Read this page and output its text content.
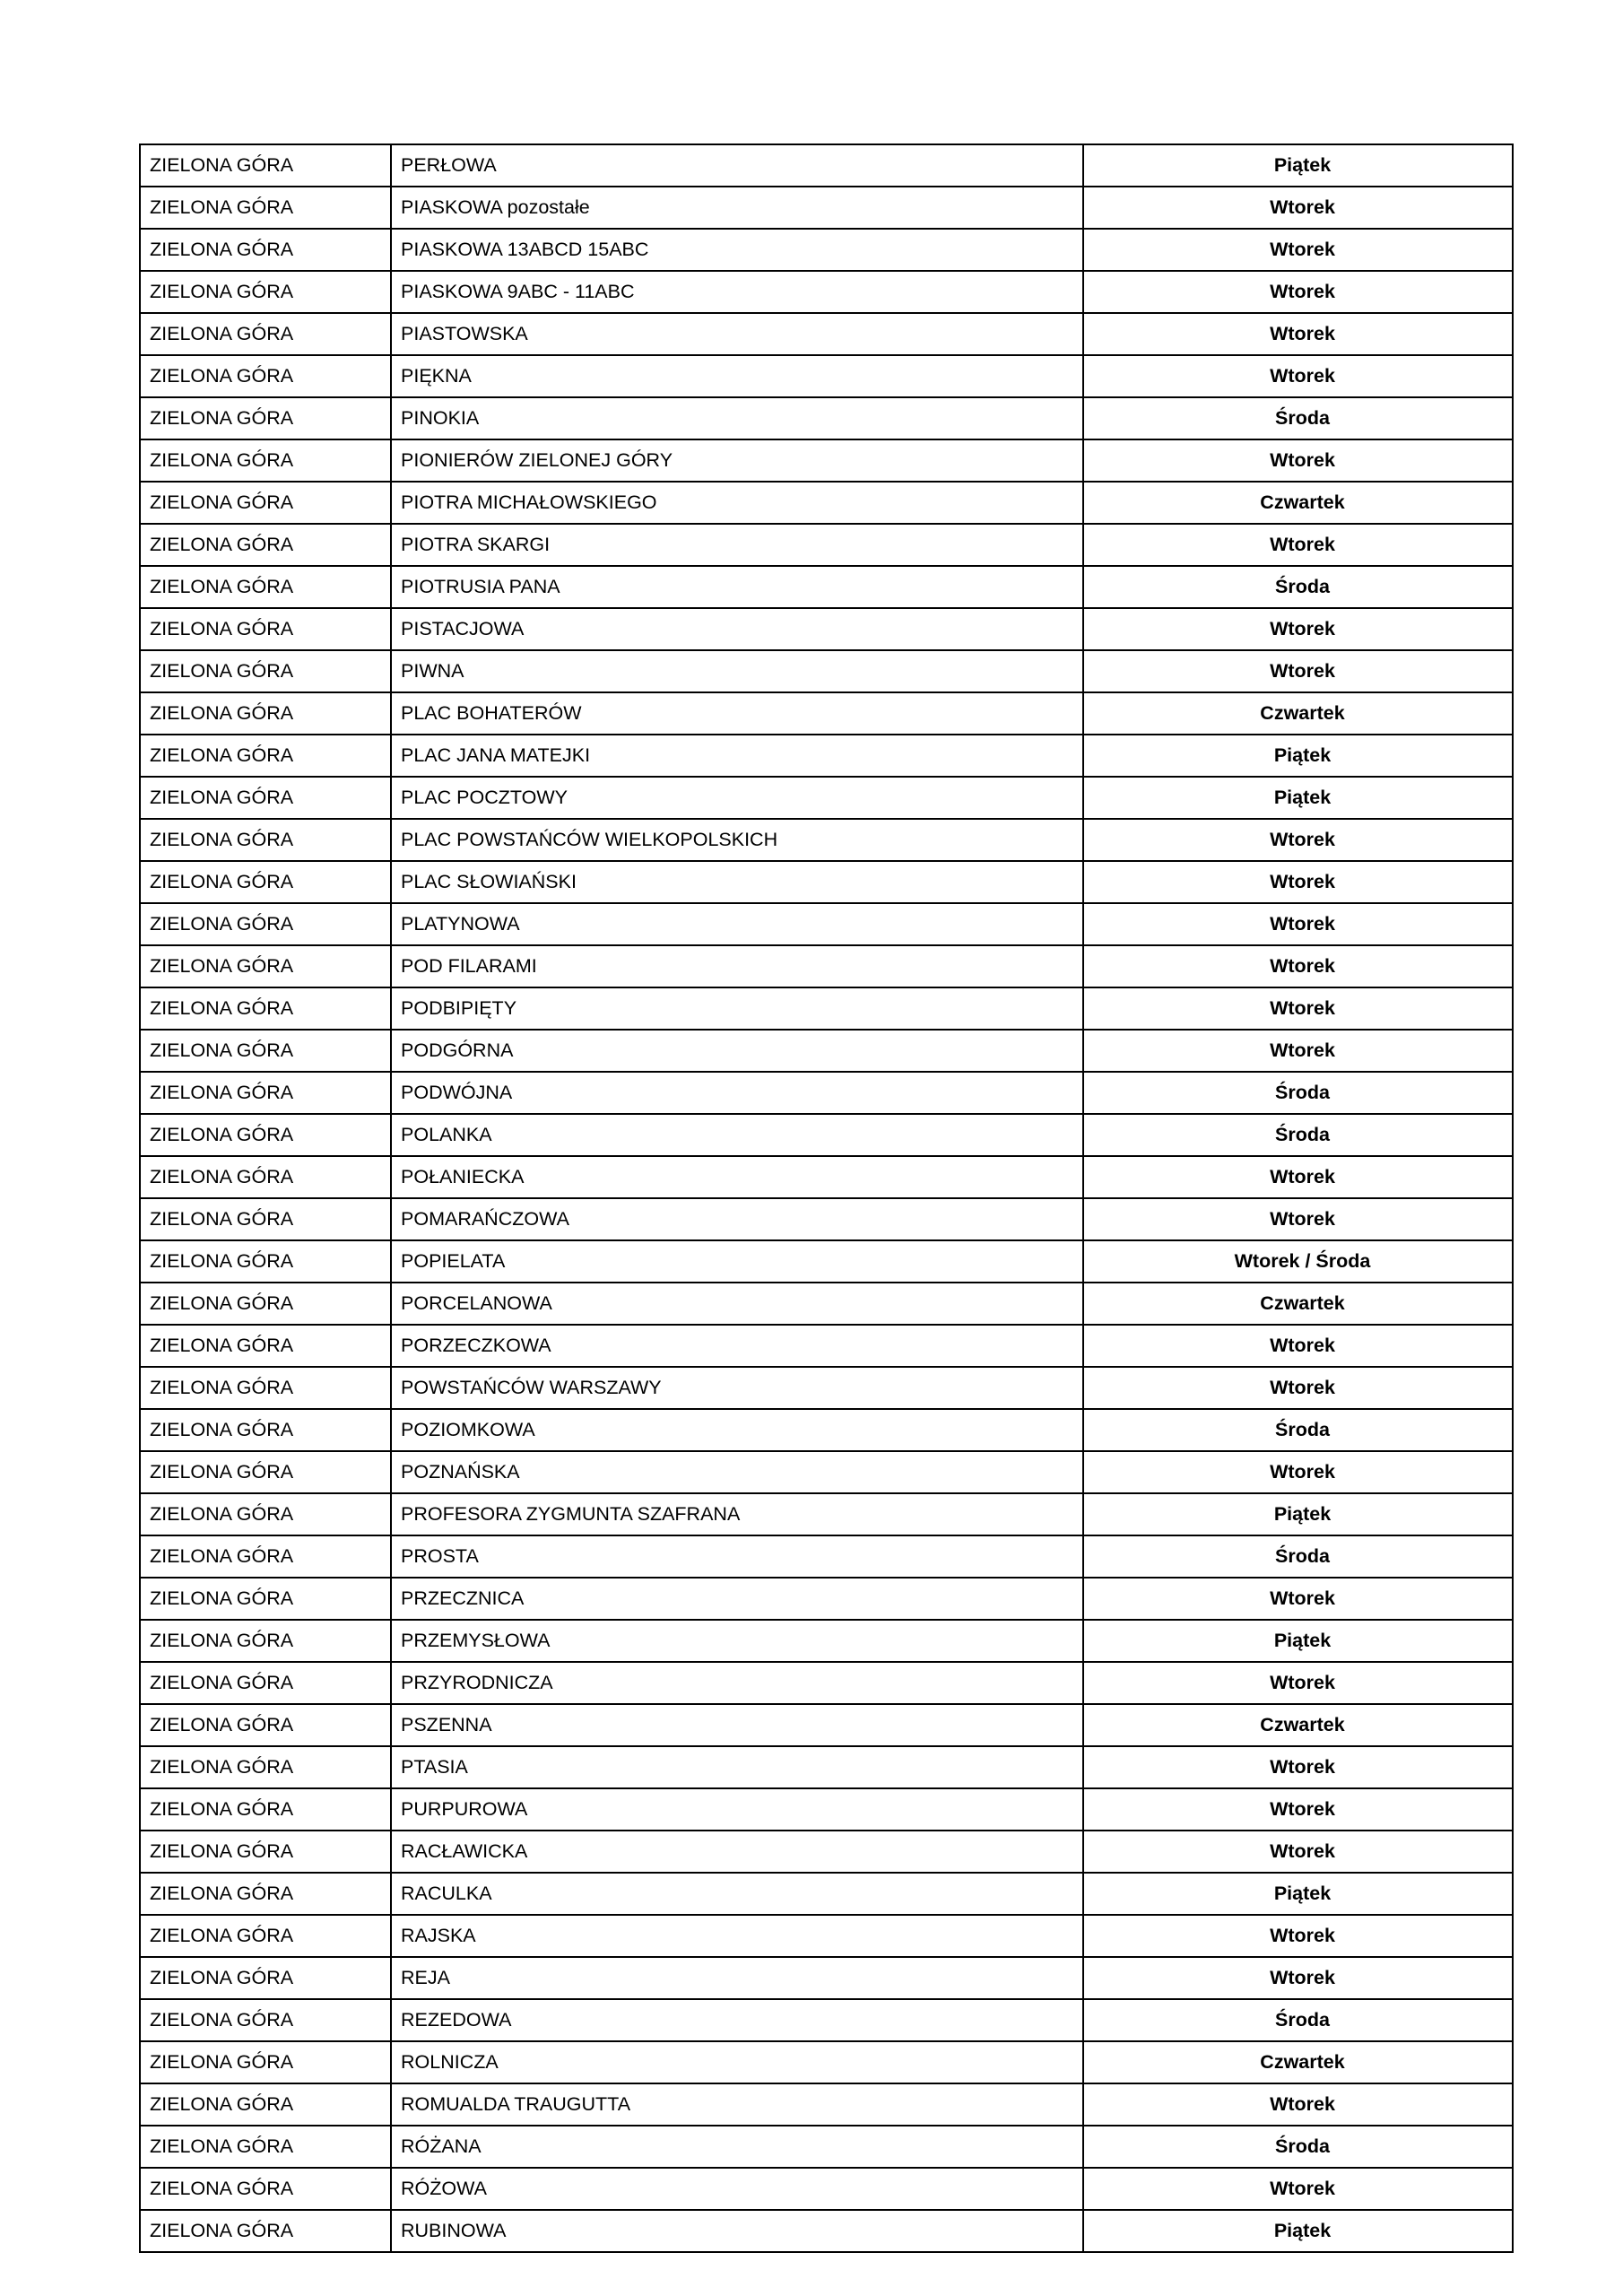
ZIELONA GÓRA	PERŁOWA	Piątek
ZIELONA GÓRA	PIASKOWA pozostałe	Wtorek
ZIELONA GÓRA	PIASKOWA 13ABCD 15ABC	Wtorek
ZIELONA GÓRA	PIASKOWA 9ABC - 11ABC	Wtorek
ZIELONA GÓRA	PIASTOWSKA	Wtorek
ZIELONA GÓRA	PIĘKNA	Wtorek
ZIELONA GÓRA	PINOKIA	Środa
ZIELONA GÓRA	PIONIERÓW ZIELONEJ GÓRY	Wtorek
ZIELONA GÓRA	PIOTRA MICHAŁOWSKIEGO	Czwartek
ZIELONA GÓRA	PIOTRA SKARGI	Wtorek
ZIELONA GÓRA	PIOTRUSIA PANA	Środa
ZIELONA GÓRA	PISTACJOWA	Wtorek
ZIELONA GÓRA	PIWNA	Wtorek
ZIELONA GÓRA	PLAC BOHATERÓW	Czwartek
ZIELONA GÓRA	PLAC JANA MATEJKI	Piątek
ZIELONA GÓRA	PLAC POCZTOWY	Piątek
ZIELONA GÓRA	PLAC POWSTAŃCÓW WIELKOPOLSKICH	Wtorek
ZIELONA GÓRA	PLAC SŁOWIAŃSKI	Wtorek
ZIELONA GÓRA	PLATYNOWA	Wtorek
ZIELONA GÓRA	POD FILARAMI	Wtorek
ZIELONA GÓRA	PODBIPIĘTY	Wtorek
ZIELONA GÓRA	PODGÓRNA	Wtorek
ZIELONA GÓRA	PODWÓJNA	Środa
ZIELONA GÓRA	POLANKA	Środa
ZIELONA GÓRA	POŁANIECKA	Wtorek
ZIELONA GÓRA	POMARAŃCZOWA	Wtorek
ZIELONA GÓRA	POPIELATA	Wtorek / Środa
ZIELONA GÓRA	PORCELANOWA	Czwartek
ZIELONA GÓRA	PORZECZKOWA	Wtorek
ZIELONA GÓRA	POWSTAŃCÓW WARSZAWY	Wtorek
ZIELONA GÓRA	POZIOMKOWA	Środa
ZIELONA GÓRA	POZNAŃSKA	Wtorek
ZIELONA GÓRA	PROFESORA ZYGMUNTA SZAFRANA	Piątek
ZIELONA GÓRA	PROSTA	Środa
ZIELONA GÓRA	PRZECZNICA	Wtorek
ZIELONA GÓRA	PRZEMYSŁOWA	Piątek
ZIELONA GÓRA	PRZYRODNICZA	Wtorek
ZIELONA GÓRA	PSZENNA	Czwartek
ZIELONA GÓRA	PTASIA	Wtorek
ZIELONA GÓRA	PURPUROWA	Wtorek
ZIELONA GÓRA	RACŁAWICKA	Wtorek
ZIELONA GÓRA	RACULKA	Piątek
ZIELONA GÓRA	RAJSKA	Wtorek
ZIELONA GÓRA	REJA	Wtorek
ZIELONA GÓRA	REZEDOWA	Środa
ZIELONA GÓRA	ROLNICZA	Czwartek
ZIELONA GÓRA	ROMUALDA TRAUGUTTA	Wtorek
ZIELONA GÓRA	RÓŻANA	Środa
ZIELONA GÓRA	RÓŻOWA	Wtorek
ZIELONA GÓRA	RUBINOWA	Piątek
